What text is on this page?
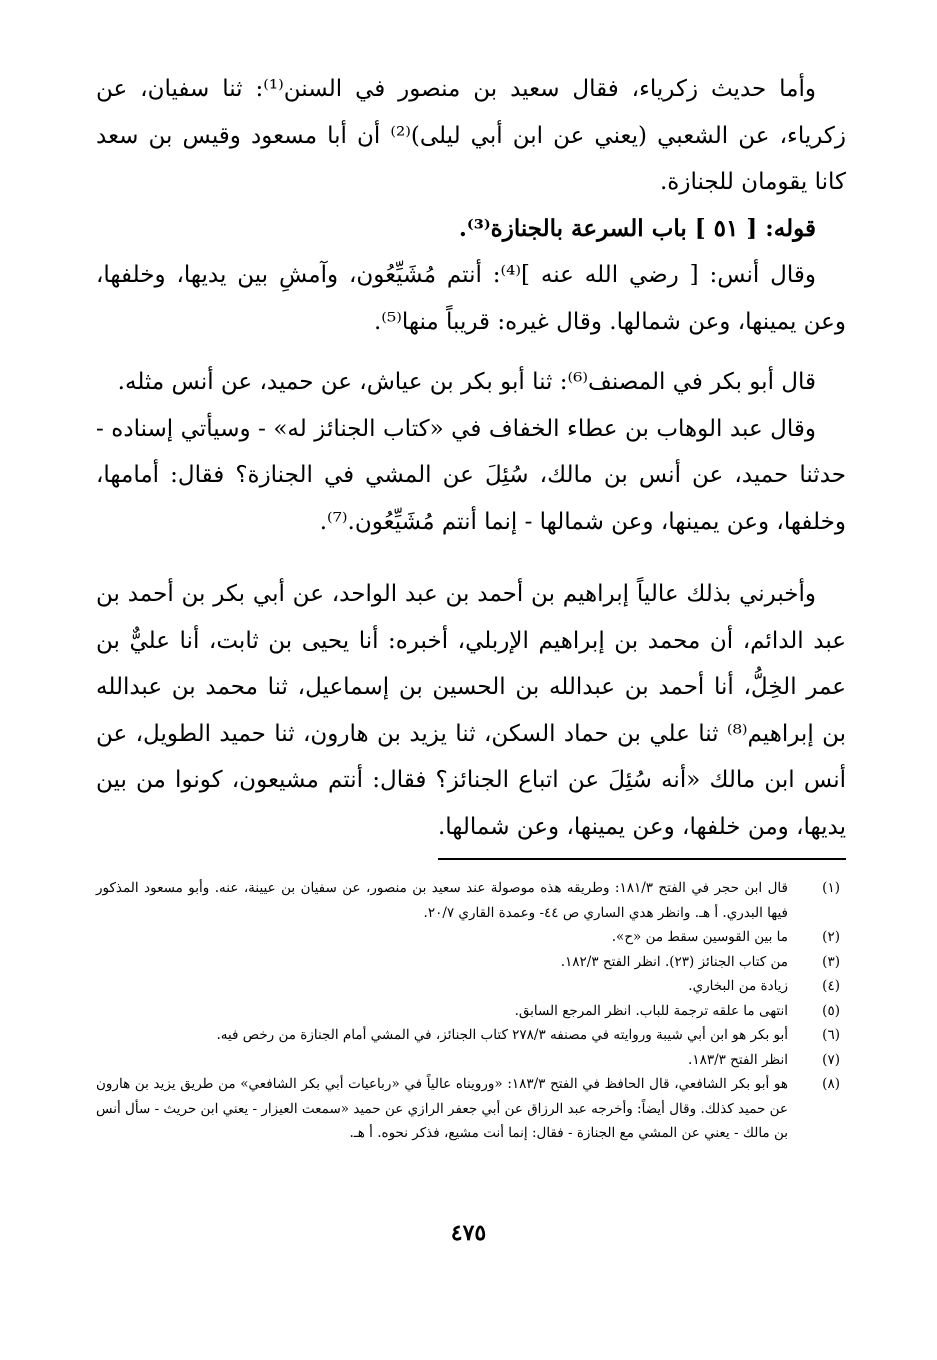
وأما حديث زكرياء، فقال سعيد بن منصور في السنن⁽¹⁾: ثنا سفيان، عن زكرياء، عن الشعبي (يعني عن ابن أبي ليلى)⁽²⁾ أن أبا مسعود وقيس بن سعد كانا يقومان للجنازة.

قوله: [ ٥١ ] باب السرعة بالجنازة⁽³⁾.

وقال أنس: [ رضي الله عنه ]⁽⁴⁾: أنتم مُشَيِّعُون، وآمشِ بين يديها، وخلفها، وعن يمينها، وعن شمالها. وقال غيره: قريباً منها⁽⁵⁾.

قال أبو بكر في المصنف⁽⁶⁾: ثنا أبو بكر بن عياش، عن حميد، عن أنس مثله.

وقال عبد الوهاب بن عطاء الخفاف في «كتاب الجنائز له» - وسيأتي إسناده - حدثنا حميد، عن أنس بن مالك، سُئِلَ عن المشي في الجنازة؟ فقال: أمامها، وخلفها، وعن يمينها، وعن شمالها - إنما أنتم مُشَيِّعُون.⁽⁷⁾.

وأخبرني بذلك عالياً إبراهيم بن أحمد بن عبد الواحد، عن أبي بكر بن أحمد بن عبد الدائم، أن محمد بن إبراهيم الإربلي، أخبره: أنا يحيى بن ثابت، أنا عليٌّ بن عمر الخِلُّ، أنا أحمد بن عبدالله بن الحسين بن إسماعيل، ثنا محمد بن عبدالله بن إبراهيم⁽⁸⁾ ثنا علي بن حماد السكن، ثنا يزيد بن هارون، ثنا حميد الطويل، عن أنس ابن مالك «أنه سُئِلَ عن اتباع الجنائز؟ فقال: أنتم مشيعون، كونوا من بين يديها، ومن خلفها، وعن يمينها، وعن شمالها.

(١)
قال ابن حجر في الفتح ١٨١/٣: وطريقه هذه موصولة عند سعيد بن منصور، عن سفيان بن عيينة، عنه. وأبو مسعود المذكور فيها البدري. أ هـ. وانظر هدي الساري ص ٤٤- وعمدة القاري ٢٠/٧.
(٢)
ما بين القوسين سقط من «ح».
(٣)
من كتاب الجنائز (٢٣). انظر الفتح ١٨٢/٣.
(٤)
زيادة من البخاري.
(٥)
انتهى ما علقه ترجمة للباب. انظر المرجع السابق.
(٦)
أبو بكر هو ابن أبي شيبة وروايته في مصنفه ٢٧٨/٣ كتاب الجنائز، في المشي أمام الجنازة من رخص فيه.
(٧)
انظر الفتح ١٨٣/٣.
(٨)
هو أبو بكر الشافعي، قال الحافظ في الفتح ١٨٣/٣: «ورويناه عالياً في «رباعيات أبي بكر الشافعي» من طريق يزيد بن هارون عن حميد كذلك. وقال أيضاً: وأخرجه عبد الرزاق عن أبي جعفر الرازي عن حميد «سمعت العيزار - يعني ابن حريث - سأل أنس بن مالك - يعني عن المشي مع الجنازة - فقال: إنما أنت مشيع، فذكر نحوه. أ هـ.
٤٧٥
